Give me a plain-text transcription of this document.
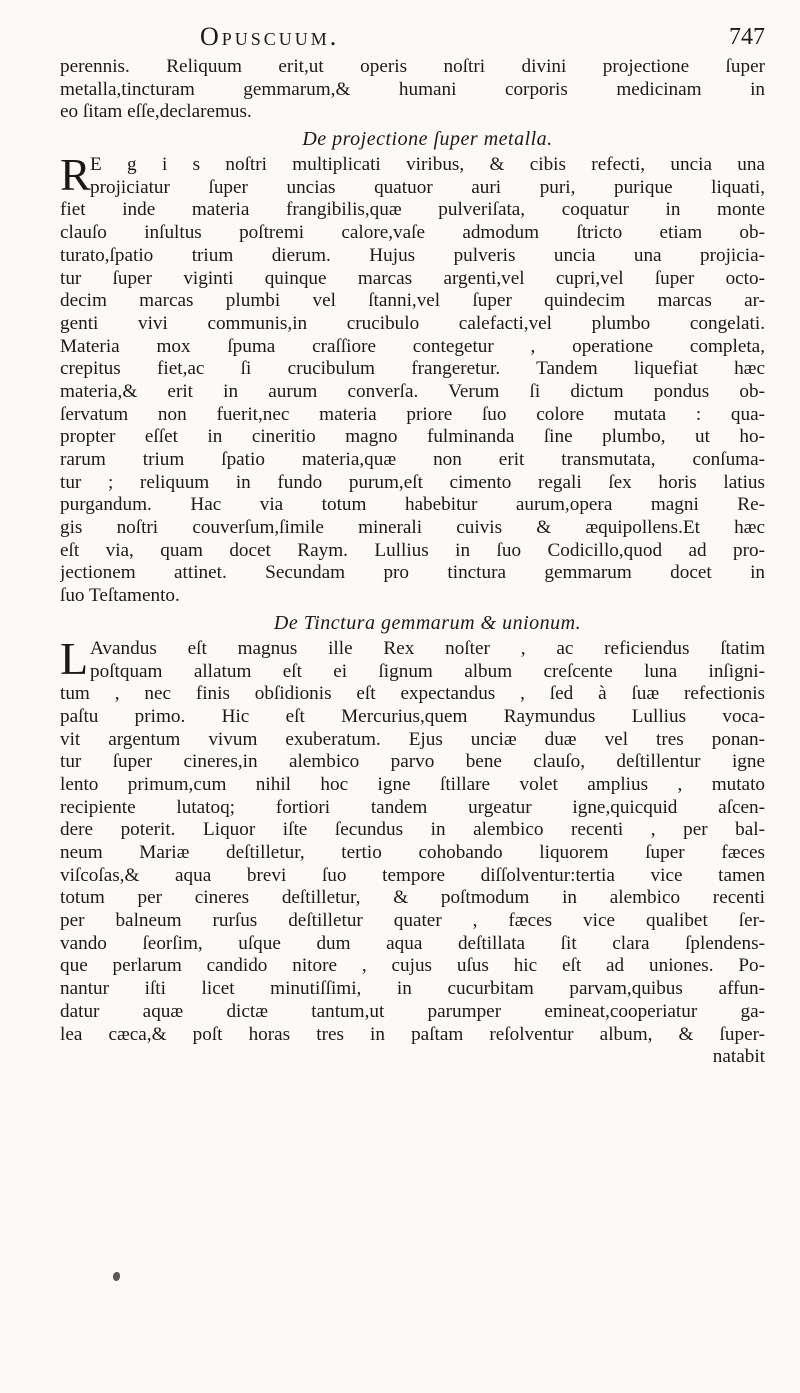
Opuscuum.	747
perennis. Reliquum erit,ut operis noſtri divini projectione ſuper
metalla,tincturam gemmarum,& humani corporis medicinam in
eo ſitam eſſe,declaremus.
De projectione ſuper metalla.
R E g i s noſtri multiplicati viribus, & cibis refecti, uncia una
projiciatur ſuper uncias quatuor auri puri, purique liquati,
fiet inde materia frangibilis,quæ pulveriſata, coquatur in monte
clauſo inſultus poſtremi calore,vaſe admodum ſtricto etiam ob-
turato,ſpatio trium dierum. Hujus pulveris uncia una projicia-
tur ſuper viginti quinque marcas argenti,vel cupri,vel ſuper octo-
decim marcas plumbi vel ſtanni,vel ſuper quindecim marcas ar-
genti vivi communis,in crucibulo calefacti,vel plumbo congelati.
Materia mox ſpuma craſſiore contegetur , operatione completa,
crepitus fiet,ac ſi crucibulum frangeretur. Tandem liquefiat hæc
materia,& erit in aurum converſa. Verum ſi dictum pondus ob-
ſervatum non fuerit,nec materia priore ſuo colore mutata : qua-
propter eſſet in cineritio magno fulminanda ſine plumbo, ut ho-
rarum trium ſpatio materia,quæ non erit transmutata, conſuma-
tur ; reliquum in fundo purum,eſt cimento regali ſex horis latius
purgandum. Hac via totum habebitur aurum,opera magni Re-
gis noſtri couverſum,ſimile minerali cuivis & æquipollens.Et hæc
eſt via, quam docet Raym. Lullius in ſuo Codicillo,quod ad pro-
jectionem attinet. Secundam pro tinctura gemmarum docet in
ſuo Teſtamento.
De Tinctura gemmarum & unionum.
L Avandus eſt magnus ille Rex noſter , ac reficiendus ſtatim
poſtquam allatum eſt ei ſignum album creſcente luna inſigni-
tum , nec finis obſidionis eſt expectandus , ſed à ſuæ refectionis
paſtu primo. Hic eſt Mercurius,quem Raymundus Lullius voca-
vit argentum vivum exuberatum. Ejus unciæ duæ vel tres ponan-
tur ſuper cineres,in alembico parvo bene clauſo, deſtillentur igne
lento primum,cum nihil hoc igne ſtillare volet amplius , mutato
recipiente lutatoq; fortiori tandem urgeatur igne,quicquid aſcen-
dere poterit. Liquor iſte ſecundus in alembico recenti , per bal-
neum Mariæ deſtilletur, tertio cohobando liquorem ſuper fæces
viſcoſas,& aqua brevi ſuo tempore diſſolventur:tertia vice tamen
totum per cineres deſtilletur, & poſtmodum in alembico recenti
per balneum rurſus deſtilletur quater , fæces vice qualibet ſer-
vando ſeorſim, uſque dum aqua deſtillata ſit clara ſplendens-
que perlarum candido nitore , cujus uſus hic eſt ad uniones. Po-
nantur iſti licet minutiſſimi, in cucurbitam parvam,quibus affun-
datur aquæ dictæ tantum,ut parumper emineat,cooperiatur ga-
lea cæca,& poſt horas tres in paſtam reſolventur album, & ſuper-
natabit
